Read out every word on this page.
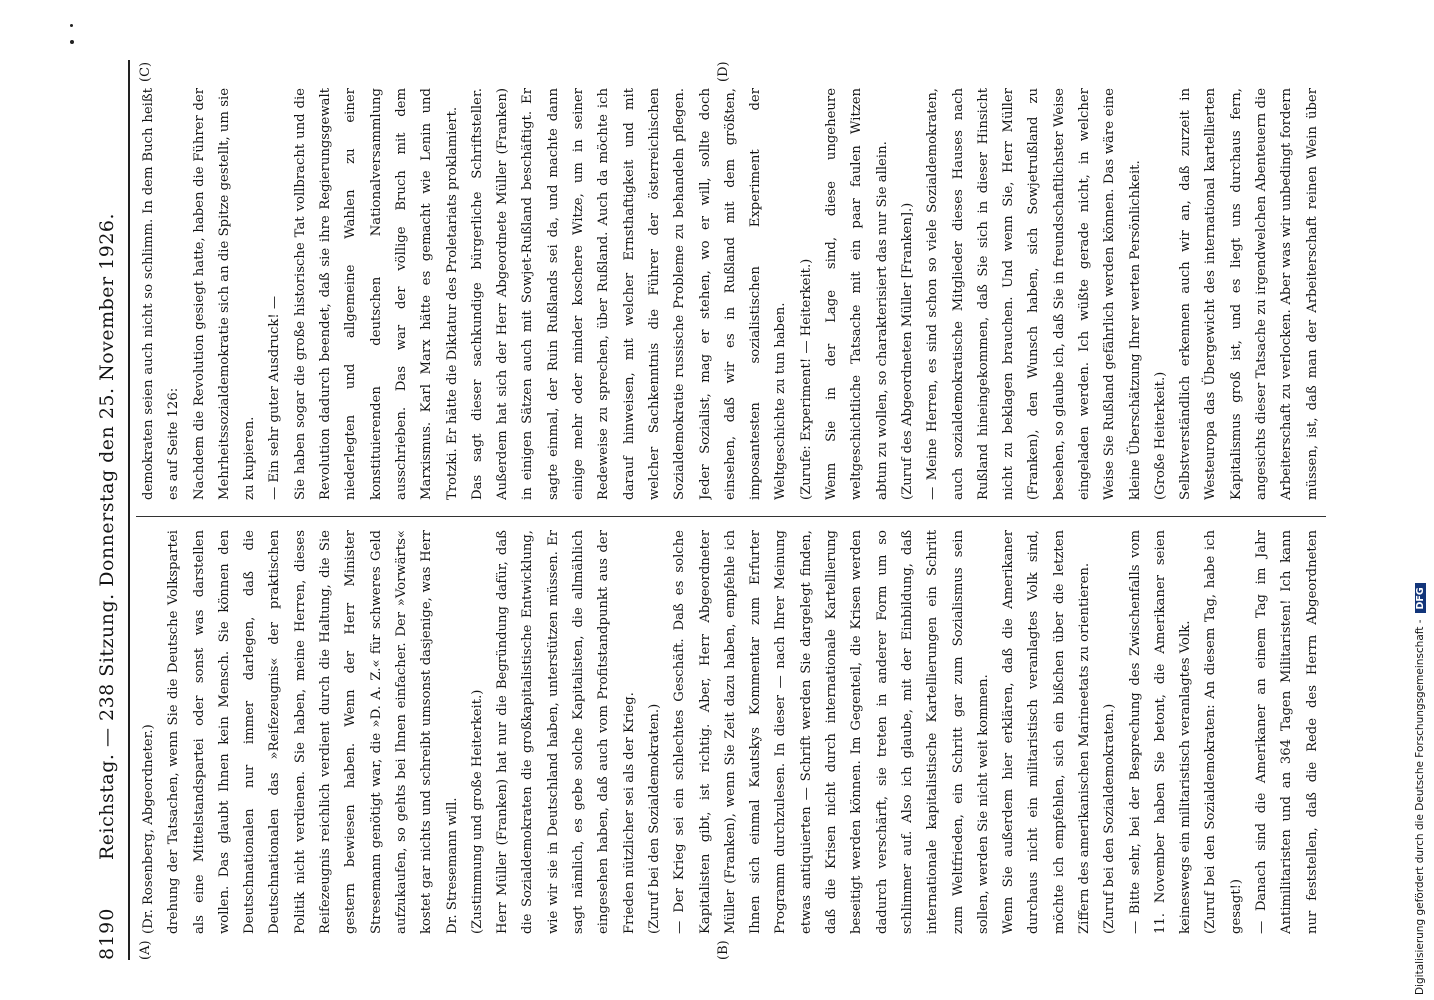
8190
Reichstag. — 238 Sitzung. Donnerstag den 25. November 1926.
(A)	(B)
(C)	(D)
(Dr. Rosenberg, Abgeordneter.)
drehung der Tatsachen, wenn Sie die Deutsche Volkspartei als eine Mittelstandspartei oder sonst was darstellen wollen. Das glaubt Ihnen kein Mensch. Sie können den Deutschnationalen nur immer darlegen, daß die Deutschnationalen das »Reifezeugnis« der praktischen Politik nicht verdienen. Sie haben, meine Herren, dieses Reifezeugnis reichlich verdient durch die Haltung, die Sie gestern bewiesen haben. Wenn der Herr Minister Stresemann genötigt war, die »D. A. Z.« für schweres Geld aufzukaufen, so gehts bei Ihnen einfacher. Der »Vorwärts« kostet gar nichts und schreibt umsonst dasjenige, was Herr Dr. Stresemann will.
(Zustimmung und große Heiterkeit.)
Herr Müller (Franken) hat nur die Begründung dafür, daß die Sozialdemokraten die großkapitalistische Entwicklung, wie wir sie in Deutschland haben, unterstützen müssen. Er sagt nämlich, es gebe solche Kapitalisten, die allmählich eingesehen haben, daß auch vom Profitstandpunkt aus der Frieden nützlicher sei als der Krieg.
(Zuruf bei den Sozialdemokraten.)
— Der Krieg sei ein schlechtes Geschäft. Daß es solche Kapitalisten gibt, ist richtig. Aber, Herr Abgeordneter Müller (Franken), wenn Sie Zeit dazu haben, empfehle ich Ihnen sich einmal Kautskys Kommentar zum Erfurter Programm durchzulesen. In dieser — nach Ihrer Meinung etwas antiquierten — Schrift werden Sie dargelegt finden, daß die Krisen nicht durch internationale Kartellierung beseitigt werden können. Im Gegenteil, die Krisen werden dadurch verschärft, sie treten in anderer Form um so schlimmer auf. Also ich glaube, mit der Einbildung, daß internationale kapitalistische Kartellierungen ein Schritt zum Weltfrieden, ein Schritt gar zum Sozialismus sein sollen, werden Sie nicht weit kommen.
Wenn Sie außerdem hier erklären, daß die Amerikaner durchaus nicht ein militaristisch veranlagtes Volk sind, möchte ich empfehlen, sich ein bißchen über die letzten Ziffern des amerikanischen Marineetats zu orientieren.
(Zuruf bei den Sozialdemokraten.)
— Bitte sehr, bei der Besprechung des Zwischenfalls vom 11. November haben Sie betont, die Amerikaner seien keineswegs ein militaristisch veranlagtes Volk.
(Zuruf bei den Sozialdemokraten: An diesem Tag, habe ich gesagt!)
— Danach sind die Amerikaner an einem Tag im Jahr Antimilitaristen und an 364 Tagen Militaristen! Ich kann nur feststellen, daß die Rede des Herrn Abgeordneten
demokraten seien auch nicht so schlimm. In dem Buch heißt es auf Seite 126:
Nachdem die Revolution gesiegt hatte, haben die Führer der Mehrheitssozialdemokratie sich an die Spitze gestellt, um sie zu kupieren.
— Ein sehr guter Ausdruck! —
Sie haben sogar die große historische Tat vollbracht und die Revolution dadurch beendet, daß sie ihre Regierungsgewalt niederlegten und allgemeine Wahlen zu einer konstituierenden deutschen Nationalversammlung ausschrieben. Das war der völlige Bruch mit dem Marxismus. Karl Marx hätte es gemacht wie Lenin und Trotzki. Er hätte die Diktatur des Proletariats proklamiert.
Das sagt dieser sachkundige bürgerliche Schriftsteller. Außerdem hat sich der Herr Abgeordnete Müller (Franken) in einigen Sätzen auch mit Sowjet-Rußland beschäftigt. Er sagte einmal, der Ruin Rußlands sei da, und machte dann einige mehr oder minder koschere Witze, um in seiner Redeweise zu sprechen, über Rußland. Auch da möchte ich darauf hinweisen, mit welcher Ernsthaftigkeit und mit welcher Sachkenntnis die Führer der österreichischen Sozialdemokratie russische Probleme zu behandeln pflegen. Jeder Sozialist, mag er stehen, wo er will, sollte doch einsehen, daß wir es in Rußland mit dem größten, imposantesten sozialistischen Experiment der Weltgeschichte zu tun haben.
(Zurufe: Experiment! — Heiterkeit.)
Wenn Sie in der Lage sind, diese ungeheure weltgeschichtliche Tatsache mit ein paar faulen Witzen abtun zu wollen, so charakterisiert das nur Sie allein.
(Zuruf des Abgeordneten Müller [Franken].)
— Meine Herren, es sind schon so viele Sozialdemokraten, auch sozialdemokratische Mitglieder dieses Hauses nach Rußland hineingekommen, daß Sie sich in dieser Hinsicht nicht zu beklagen brauchen. Und wenn Sie, Herr Müller (Franken), den Wunsch haben, sich Sowjetrußland zu besehen, so glaube ich, daß Sie in freundschaftlichster Weise eingeladen werden. Ich wüßte gerade nicht, in welcher Weise Sie Rußland gefährlich werden können. Das wäre eine kleine Überschätzung Ihrer werten Persönlichkeit.
(Große Heiterkeit.)
Selbstverständlich erkennen auch wir an, daß zurzeit in Westeuropa das Übergewicht des international kartellierten Kapitalismus groß ist, und es liegt uns durchaus fern, angesichts dieser Tatsache zu irgendwelchen Abenteuern die Arbeiterschaft zu verlocken. Aber was wir unbedingt fordern müssen, ist, daß man der Arbeiterschaft reinen Wein über

Digitalisierung gefördert durch die Deutsche Forschungsgemeinschaft -DFG
